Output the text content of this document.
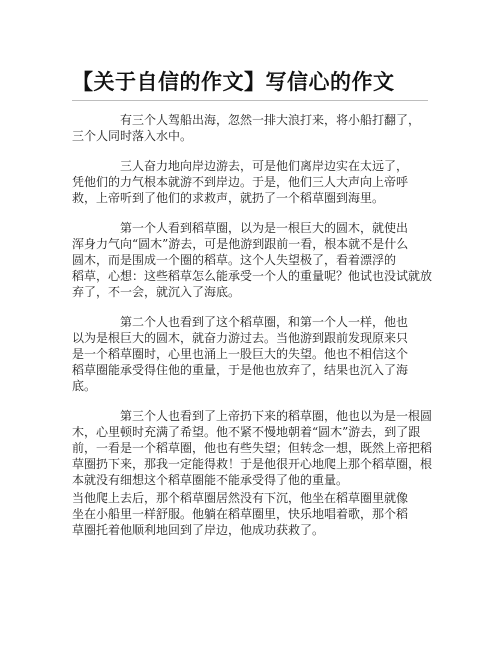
【关于自信的作文】写信心的作文

有三个人驾船出海，忽然一排大浪打来，将小船打翻了，
三个人同时落入水中。

三人奋力地向岸边游去，可是他们离岸边实在太远了，
凭他们的力气根本就游不到岸边。于是，他们三人大声向上帝呼
救，上帝听到了他们的求救声，就扔了一个稻草圈到海里。

第一个人看到稻草圈，以为是一根巨大的圆木，就使出
浑身力气向“圆木”游去，可是他游到跟前一看，根本就不是什么
圆木，而是围成一个圈的稻草。这个人失望极了，看着漂浮的
稻草，心想：这些稻草怎么能承受一个人的重量呢？他试也没试就放
弃了，不一会，就沉入了海底。

第二个人也看到了这个稻草圈，和第一个人一样，他也
以为是根巨大的圆木，就奋力游过去。当他游到跟前发现原来只
是一个稻草圈时，心里也涌上一股巨大的失望。他也不相信这个
稻草圈能承受得住他的重量，于是他也放弃了，结果也沉入了海
底。

第三个人也看到了上帝扔下来的稻草圈，他也以为是一根圆
木，心里顿时充满了希望。他不紧不慢地朝着“圆木”游去，到了跟
前，一看是一个稻草圈，他也有些失望；但转念一想，既然上帝把稻
草圈扔下来，那我一定能得救！于是他很开心地爬上那个稻草圈，根
本就没有细想这个稻草圈能不能承受得了他的重量。

当他爬上去后，那个稻草圈居然没有下沉，他坐在稻草圈里就像
坐在小船里一样舒服。他躺在稻草圈里，快乐地唱着歌，那个稻
草圈托着他顺利地回到了岸边，他成功获救了。
